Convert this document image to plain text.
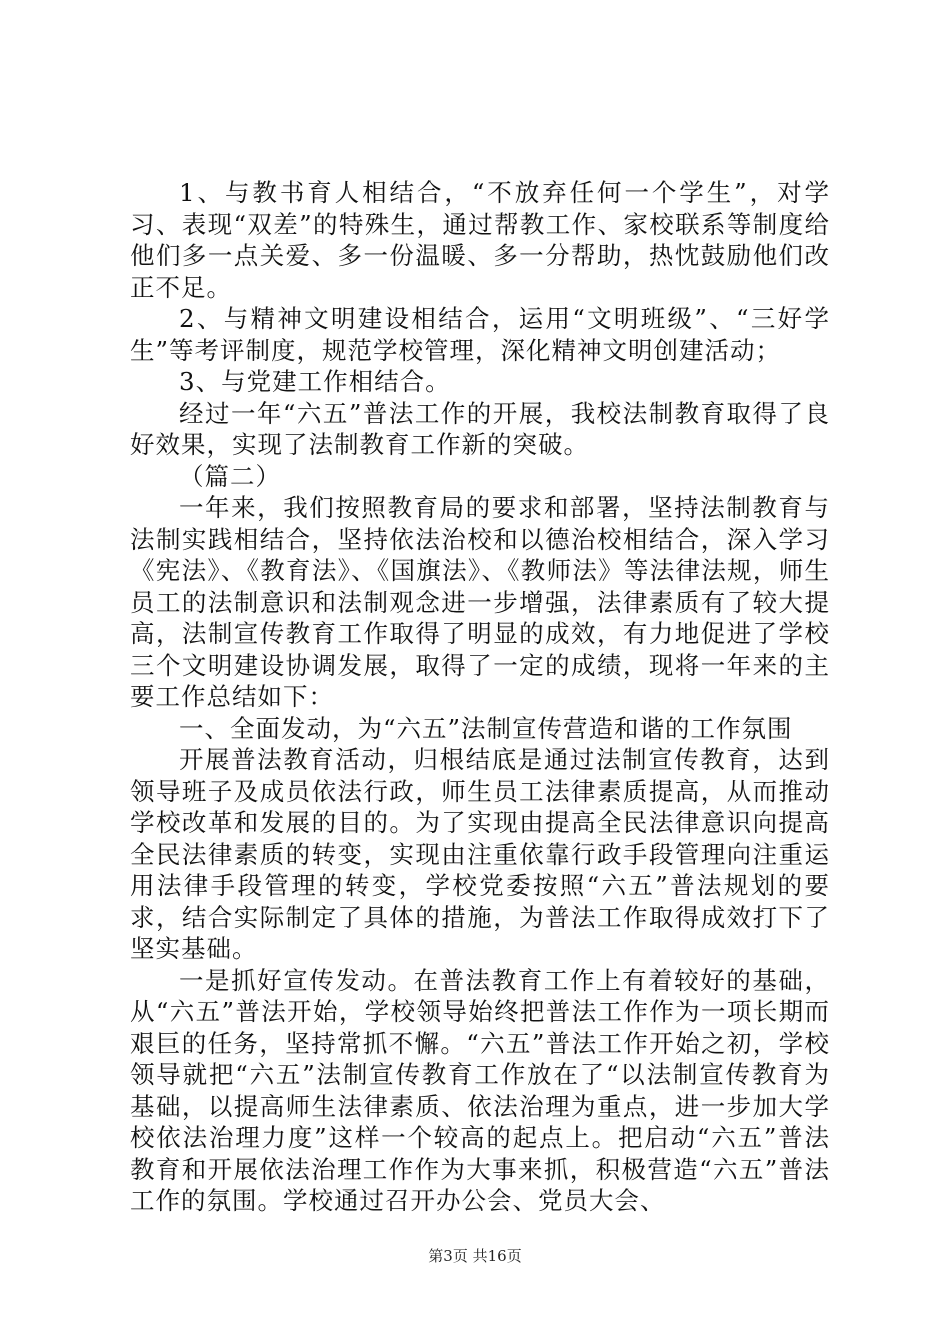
1、与教书育人相结合，“不放弃任何一个学生”，对学习、表现“双差”的特殊生，通过帮教工作、家校联系等制度给他们多一点关爱、多一份温暖、多一分帮助，热忱鼓励他们改正不足。

2、与精神文明建设相结合，运用“文明班级”、“三好学生”等考评制度，规范学校管理，深化精神文明创建活动；

3、与党建工作相结合。

经过一年“六五”普法工作的开展，我校法制教育取得了良好效果，实现了法制教育工作新的突破。

（篇二）

一年来，我们按照教育局的要求和部署，坚持法制教育与法制实践相结合，坚持依法治校和以德治校相结合，深入学习《宪法》、《教育法》、《国旗法》、《教师法》等法律法规，师生员工的法制意识和法制观念进一步增强，法律素质有了较大提高，法制宣传教育工作取得了明显的成效，有力地促进了学校三个文明建设协调发展，取得了一定的成绩，现将一年来的主要工作总结如下：

一、全面发动，为“六五”法制宣传营造和谐的工作氛围

开展普法教育活动，归根结底是通过法制宣传教育，达到领导班子及成员依法行政，师生员工法律素质提高，从而推动学校改革和发展的目的。为了实现由提高全民法律意识向提高全民法律素质的转变，实现由注重依靠行政手段管理向注重运用法律手段管理的转变，学校党委按照“六五”普法规划的要求，结合实际制定了具体的措施，为普法工作取得成效打下了坚实基础。

一是抓好宣传发动。在普法教育工作上有着较好的基础，从“六五”普法开始，学校领导始终把普法工作作为一项长期而艰巨的任务，坚持常抓不懈。“六五”普法工作开始之初，学校领导就把“六五”法制宣传教育工作放在了“以法制宣传教育为基础，以提高师生法律素质、依法治理为重点，进一步加大学校依法治理力度”这样一个较高的起点上。把启动“六五”普法教育和开展依法治理工作作为大事来抓，积极营造“六五”普法工作的氛围。学校通过召开办公会、党员大会、

第3页 共16页
